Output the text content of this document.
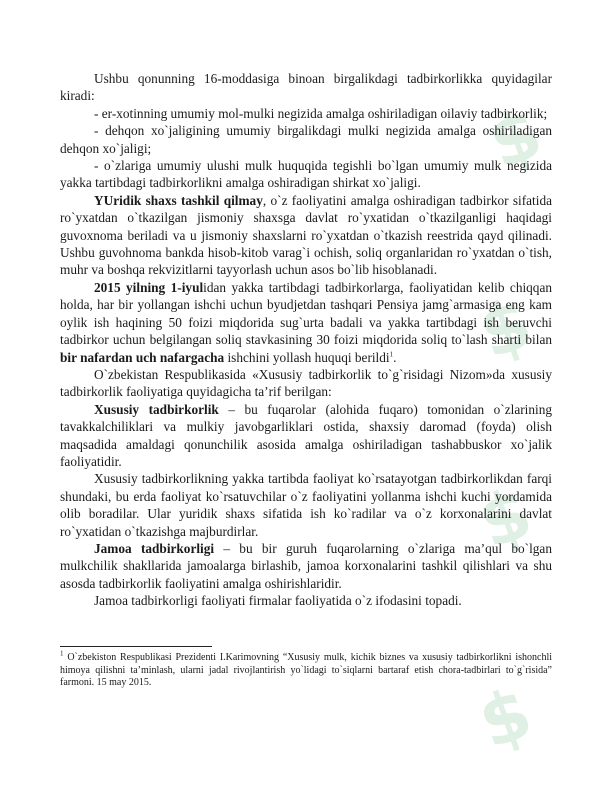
$
$
$
$

Ushbu qonunning 16-moddasiga binoan birgalikdagi tadbirkorlikka quyidagilar kiradi:

- er-xotinning umumiy mol-mulki negizida amalga oshiriladigan oilaviy tadbirkorlik;

- dehqon xo`jaligining umumiy birgalikdagi mulki negizida amalga oshiriladigan dehqon xo`jaligi;

- o`zlariga umumiy ulushi mulk huquqida tegishli bo`lgan umumiy mulk negizida yakka tartibdagi tadbirkorlikni amalga oshiradigan shirkat xo`jaligi.

YUridik shaxs tashkil qilmay, o`z faoliyatini amalga oshiradigan tadbirkor sifatida ro`yxatdan o`tkazilgan jismoniy shaxsga davlat ro`yxatidan o`tkazilganligi haqidagi guvoxnoma beriladi va u jismoniy shaxslarni ro`yxatdan o`tkazish reestrida qayd qilinadi. Ushbu guvohnoma bankda hisob-kitob varag`i ochish, soliq organlaridan ro`yxatdan o`tish, muhr va boshqa rekvizitlarni tayyorlash uchun asos bo`lib hisoblanadi.

2015 yilning 1-iyulidan yakka tartibdagi tadbirkorlarga, faoliyatidan kelib chiqqan holda, har bir yollangan ishchi uchun byudjetdan tashqari Pensiya jamg`armasiga eng kam oylik ish haqining 50 foizi miqdorida sug`urta badali va yakka tartibdagi ish beruvchi tadbirkor uchun belgilangan soliq stavkasining 30 foizi miqdorida soliq to`lash sharti bilan bir nafardan uch nafargacha ishchini yollash huquqi berildi$^1$.

O`zbekistan Respublikasida «Xususiy tadbirkorlik to`g`risidagi Nizom»da xususiy tadbirkorlik faoliyatiga quyidagicha ta’rif berilgan:

Xususiy tadbirkorlik – bu fuqarolar (alohida fuqaro) tomonidan o`zlarining tavakkalchiliklari va mulkiy javobgarliklari ostida, shaxsiy daromad (foyda) olish maqsadida amaldagi qonunchilik asosida amalga oshiriladigan tashabbuskor xo`jalik faoliyatidir.

Xususiy tadbirkorlikning yakka tartibda faoliyat ko`rsatayotgan tadbirkorlikdan farqi shundaki, bu erda faoliyat ko`rsatuvchilar o`z faoliyatini yollanma ishchi kuchi yordamida olib boradilar. Ular yuridik shaxs sifatida ish ko`radilar va o`z korxonalarini davlat ro`yxatidan o`tkazishga majburdirlar.

Jamoa tadbirkorligi – bu bir guruh fuqarolarning o`zlariga ma’qul bo`lgan mulkchilik shakllarida jamoalarga birlashib, jamoa korxonalarini tashkil qilishlari va shu asosda tadbirkorlik faoliyatini amalga oshirishlaridir.

Jamoa tadbirkorligi faoliyati firmalar faoliyatida o`z ifodasini topadi.

$^1$ O`zbekiston Respublikasi Prezidenti I.Karimovning “Xususiy mulk, kichik biznes va xususiy tadbirkorlikni ishonchli himoya qilishni ta’minlash, ularni jadal rivojlantirish yo`lidagi to`siqlarni bartaraf etish chora-tadbirlari to`g`risida” farmoni. 15 may 2015.
